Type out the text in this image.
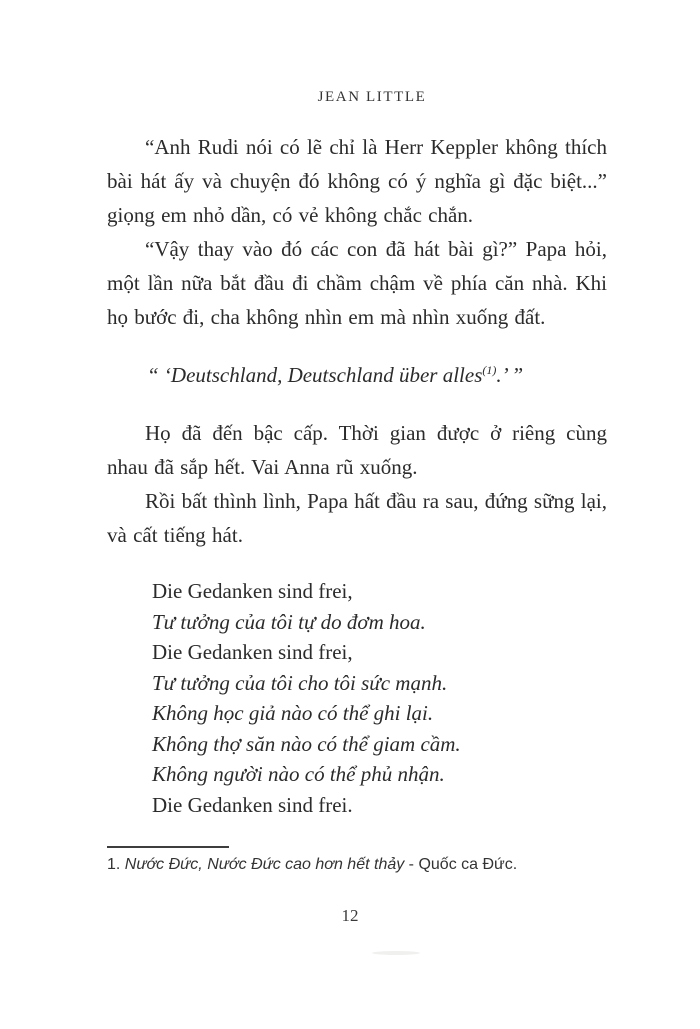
JEAN LITTLE

“Anh Rudi nói có lẽ chỉ là Herr Keppler không thích bài hát ấy và chuyện đó không có ý nghĩa gì đặc biệt...” giọng em nhỏ dần, có vẻ không chắc chắn.

“Vậy thay vào đó các con đã hát bài gì?” Papa hỏi, một lần nữa bắt đầu đi chầm chậm về phía căn nhà. Khi họ bước đi, cha không nhìn em mà nhìn xuống đất.

“ ‘Deutschland, Deutschland über alles$^{(1)}$.’ ”

Họ đã đến bậc cấp. Thời gian được ở riêng cùng nhau đã sắp hết. Vai Anna rũ xuống.

Rồi bất thình lình, Papa hất đầu ra sau, đứng sững lại, và cất tiếng hát.

Die Gedanken sind frei,
Tư tưởng của tôi tự do đơm hoa.
Die Gedanken sind frei,
Tư tưởng của tôi cho tôi sức mạnh.
Không học giả nào có thể ghi lại.
Không thợ săn nào có thể giam cầm.
Không người nào có thể phủ nhận.
Die Gedanken sind frei.
1. Nước Đức, Nước Đức cao hơn hết thảy - Quốc ca Đức.
12
